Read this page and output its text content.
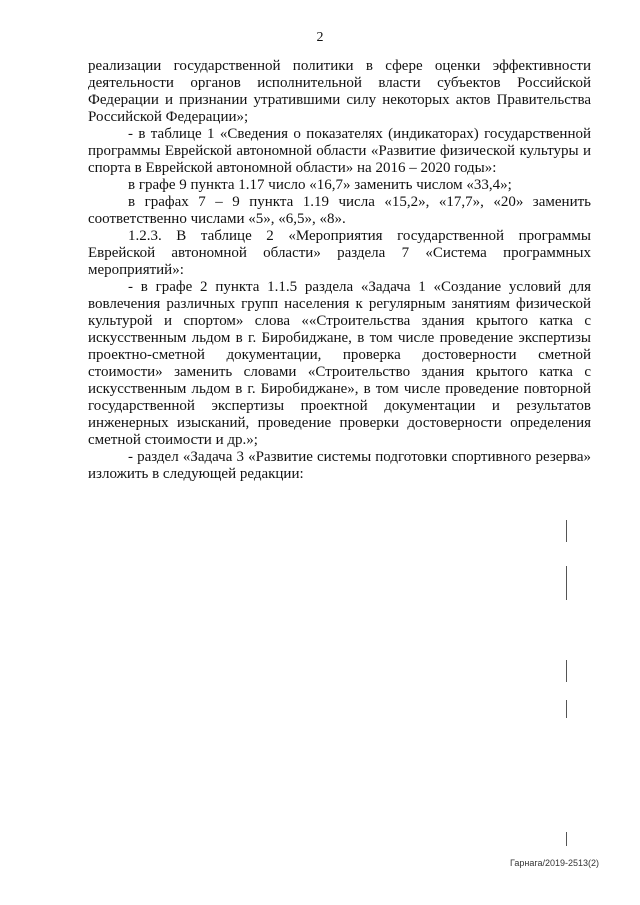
2

реализации государственной политики в сфере оценки эффективности деятельности органов исполнительной власти субъектов Российской Федерации и признании утратившими силу некоторых актов Правительства Российской Федерации»;

- в таблице 1 «Сведения о показателях (индикаторах) государственной программы Еврейской автономной области «Развитие физической культуры и спорта в Еврейской автономной области» на 2016 – 2020 годы»:

в графе 9 пункта 1.17 число «16,7» заменить числом «33,4»;

в графах 7 – 9 пункта 1.19 числа «15,2», «17,7», «20» заменить соответственно числами «5», «6,5», «8».

1.2.3. В таблице 2 «Мероприятия государственной программы Еврейской автономной области» раздела 7 «Система программных мероприятий»:

- в графе 2 пункта 1.1.5 раздела «Задача 1 «Создание условий для вовлечения различных групп населения к регулярным занятиям физической культурой и спортом» слова ««Строительства здания крытого катка с искусственным льдом в г. Биробиджане, в том числе проведение экспертизы проектно-сметной документации, проверка достоверности сметной стоимости» заменить словами «Строительство здания крытого катка с искусственным льдом в г. Биробиджане», в том числе проведение повторной государственной экспертизы проектной документации и результатов инженерных изысканий, проведение проверки достоверности определения сметной стоимости и др.»;

- раздел «Задача 3 «Развитие системы подготовки спортивного резерва» изложить в следующей редакции:

Гарнага/2019-2513(2)
